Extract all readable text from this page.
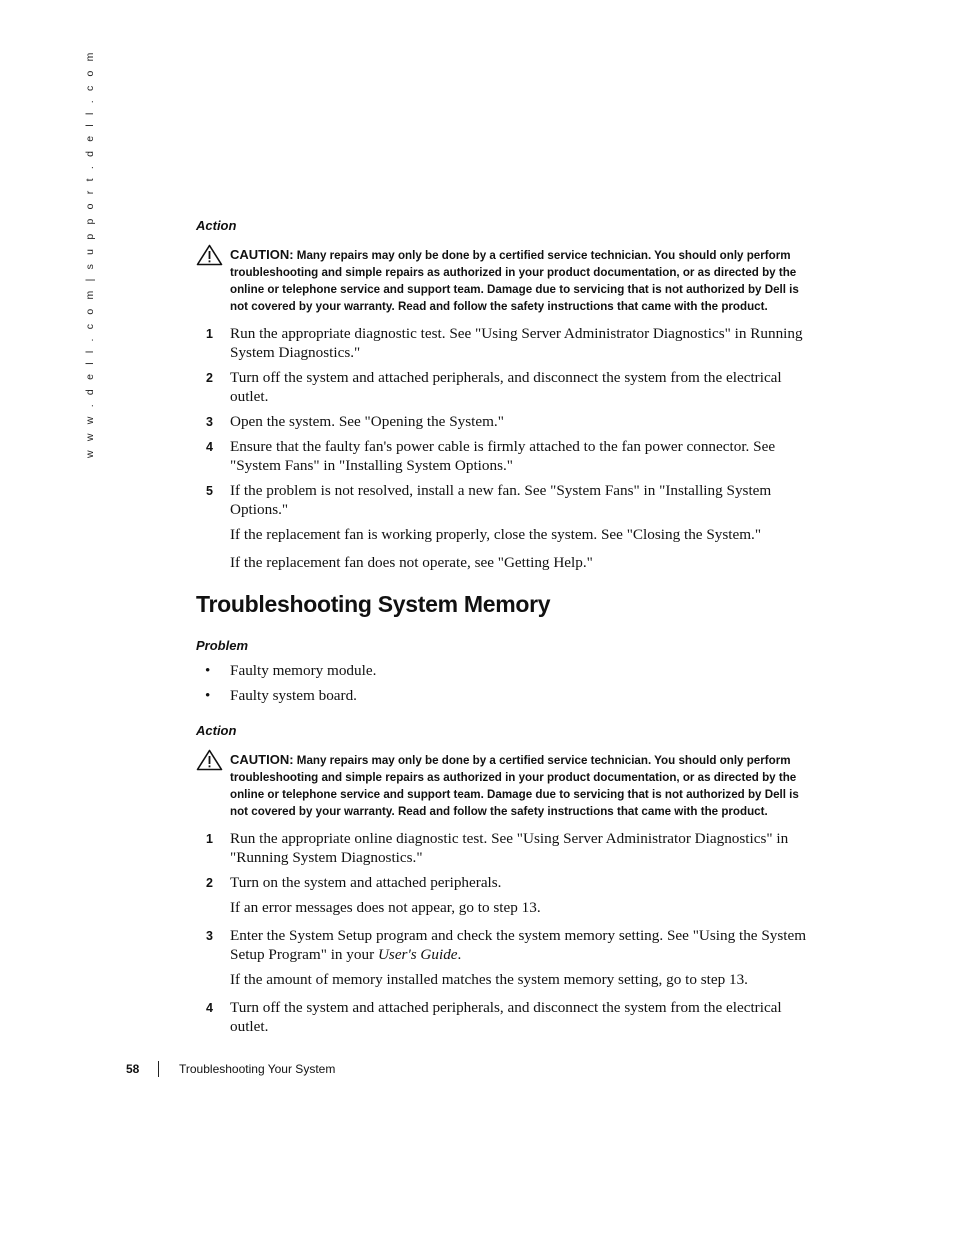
w w w . d e l l . c o m | s u p p o r t . d e l l . c o m	Action

CAUTION: Many repairs may only be done by a certified service technician. You should only perform troubleshooting and simple repairs as authorized in your product documentation, or as directed by the online or telephone service and support team. Damage due to servicing that is not authorized by Dell is not covered by your warranty. Read and follow the safety instructions that came with the product.
1 Run the appropriate diagnostic test. See "Using Server Administrator Diagnostics" in Running System Diagnostics."
2 Turn off the system and attached peripherals, and disconnect the system from the electrical outlet.
3 Open the system. See "Opening the System."
4 Ensure that the faulty fan's power cable is firmly attached to the fan power connector. See "System Fans" in "Installing System Options."
5 If the problem is not resolved, install a new fan. See "System Fans" in "Installing System Options."
If the replacement fan is working properly, close the system. See "Closing the System."
If the replacement fan does not operate, see "Getting Help."
Troubleshooting System Memory

Problem

• Faulty memory module.
• Faulty system board.

Action

CAUTION: Many repairs may only be done by a certified service technician. You should only perform troubleshooting and simple repairs as authorized in your product documentation, or as directed by the online or telephone service and support team. Damage due to servicing that is not authorized by Dell is not covered by your warranty. Read and follow the safety instructions that came with the product.
1 Run the appropriate online diagnostic test. See "Using Server Administrator Diagnostics" in "Running System Diagnostics."
2 Turn on the system and attached peripherals.
If an error messages does not appear, go to step 13.
3 Enter the System Setup program and check the system memory setting. See "Using the System Setup Program" in your User's Guide.
If the amount of memory installed matches the system memory setting, go to step 13.
4 Turn off the system and attached peripherals, and disconnect the system from the electrical outlet.
58	Troubleshooting Your System
